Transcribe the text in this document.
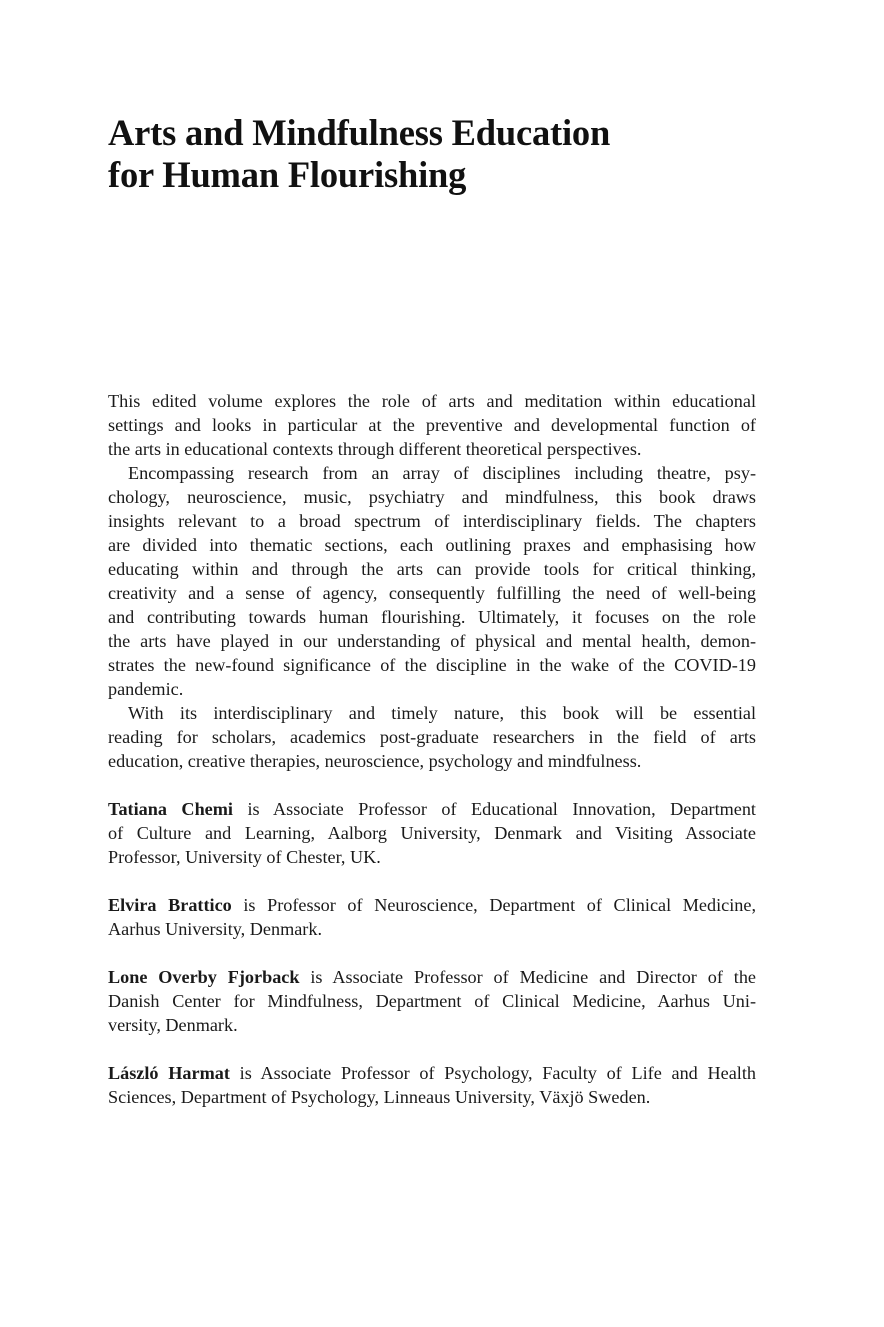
Arts and Mindfulness Education
for Human Flourishing
This edited volume explores the role of arts and meditation within educational
settings and looks in particular at the preventive and developmental function of
the arts in educational contexts through different theoretical perspectives.
Encompassing research from an array of disciplines including theatre, psy-
chology, neuroscience, music, psychiatry and mindfulness, this book draws
insights relevant to a broad spectrum of interdisciplinary fields. The chapters
are divided into thematic sections, each outlining praxes and emphasising how
educating within and through the arts can provide tools for critical thinking,
creativity and a sense of agency, consequently fulfilling the need of well-being
and contributing towards human flourishing. Ultimately, it focuses on the role
the arts have played in our understanding of physical and mental health, demon-
strates the new-found significance of the discipline in the wake of the COVID-19
pandemic.
With its interdisciplinary and timely nature, this book will be essential
reading for scholars, academics post-graduate researchers in the field of arts
education, creative therapies, neuroscience, psychology and mindfulness.
Tatiana Chemi is Associate Professor of Educational Innovation, Department
of Culture and Learning, Aalborg University, Denmark and Visiting Associate
Professor, University of Chester, UK.
Elvira Brattico is Professor of Neuroscience, Department of Clinical Medicine,
Aarhus University, Denmark.
Lone Overby Fjorback is Associate Professor of Medicine and Director of the
Danish Center for Mindfulness, Department of Clinical Medicine, Aarhus Uni-
versity, Denmark.
László Harmat is Associate Professor of Psychology, Faculty of Life and Health
Sciences, Department of Psychology, Linneaus University, Växjö Sweden.
